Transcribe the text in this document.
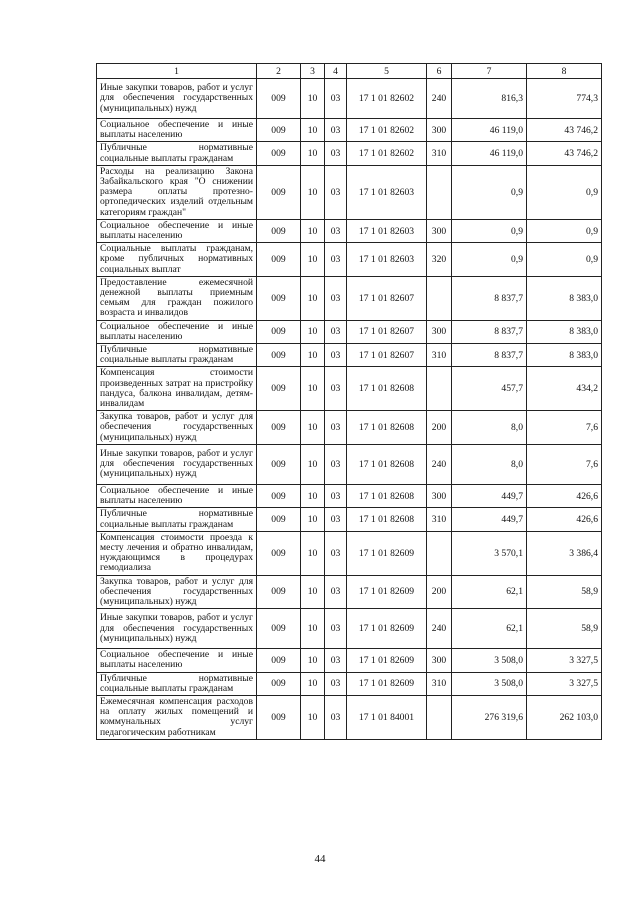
1	2	3	4	5	6	7	8
Иные закупки товаров, работ и услуг для обеспечения государственных (муниципальных) нужд	009	10	03	17 1 01 82602	240	816,3	774,3
Социальное обеспечение и иные выплаты населению	009	10	03	17 1 01 82602	300	46 119,0	43 746,2
Публичные нормативные социальные выплаты гражданам	009	10	03	17 1 01 82602	310	46 119,0	43 746,2
Расходы на реализацию Закона Забайкальского края "О снижении размера оплаты протезно-ортопедических изделий отдельным категориям граждан"	009	10	03	17 1 01 82603		0,9	0,9
Социальное обеспечение и иные выплаты населению	009	10	03	17 1 01 82603	300	0,9	0,9
Социальные выплаты гражданам, кроме публичных нормативных социальных выплат	009	10	03	17 1 01 82603	320	0,9	0,9
Предоставление ежемесячной денежной выплаты приемным семьям для граждан пожилого возраста и инвалидов	009	10	03	17 1 01 82607		8 837,7	8 383,0
Социальное обеспечение и иные выплаты населению	009	10	03	17 1 01 82607	300	8 837,7	8 383,0
Публичные нормативные социальные выплаты гражданам	009	10	03	17 1 01 82607	310	8 837,7	8 383,0
Компенсация стоимости произведенных затрат на пристройку пандуса, балкона инвалидам, детям-инвалидам	009	10	03	17 1 01 82608		457,7	434,2
Закупка товаров, работ и услуг для обеспечения государственных (муниципальных) нужд	009	10	03	17 1 01 82608	200	8,0	7,6
Иные закупки товаров, работ и услуг для обеспечения государственных (муниципальных) нужд	009	10	03	17 1 01 82608	240	8,0	7,6
Социальное обеспечение и иные выплаты населению	009	10	03	17 1 01 82608	300	449,7	426,6
Публичные нормативные социальные выплаты гражданам	009	10	03	17 1 01 82608	310	449,7	426,6
Компенсация стоимости проезда к месту лечения и обратно инвалидам, нуждающимся в процедурах гемодиализа	009	10	03	17 1 01 82609		3 570,1	3 386,4
Закупка товаров, работ и услуг для обеспечения государственных (муниципальных) нужд	009	10	03	17 1 01 82609	200	62,1	58,9
Иные закупки товаров, работ и услуг для обеспечения государственных (муниципальных) нужд	009	10	03	17 1 01 82609	240	62,1	58,9
Социальное обеспечение и иные выплаты населению	009	10	03	17 1 01 82609	300	3 508,0	3 327,5
Публичные нормативные социальные выплаты гражданам	009	10	03	17 1 01 82609	310	3 508,0	3 327,5
Ежемесячная компенсация расходов на оплату жилых помещений и коммунальных услуг педагогическим работникам	009	10	03	17 1 01 84001		276 319,6	262 103,0
44
